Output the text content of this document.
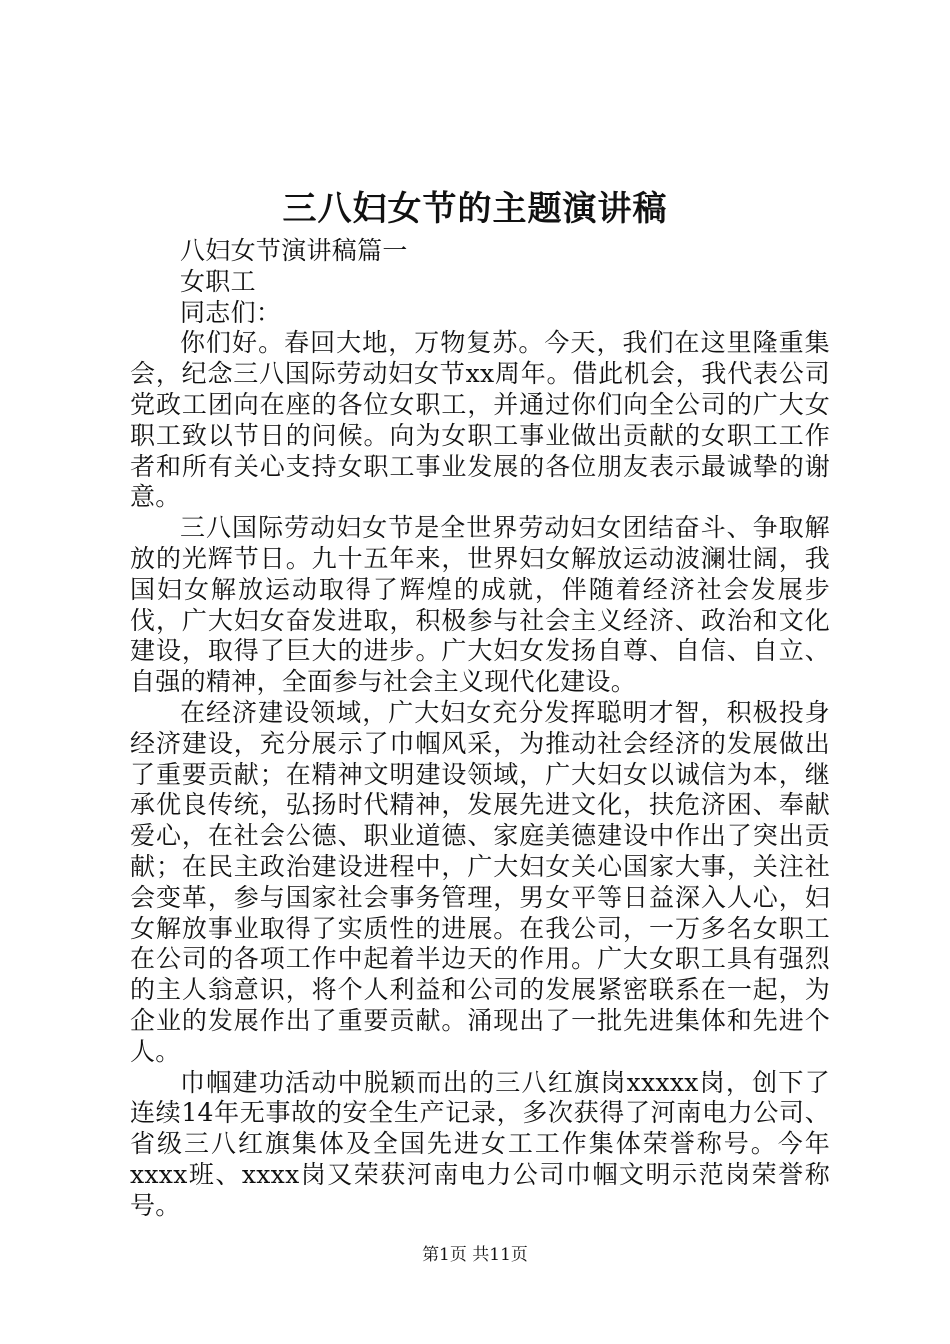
三八妇女节的主题演讲稿

八妇女节演讲稿篇一

女职工

同志们：

你们好。春回大地，万物复苏。今天，我们在这里隆重集会，纪念三八国际劳动妇女节xx周年。借此机会，我代表公司党政工团向在座的各位女职工，并通过你们向全公司的广大女职工致以节日的问候。向为女职工事业做出贡献的女职工工作者和所有关心支持女职工事业发展的各位朋友表示最诚挚的谢意。

三八国际劳动妇女节是全世界劳动妇女团结奋斗、争取解放的光辉节日。九十五年来，世界妇女解放运动波澜壮阔，我国妇女解放运动取得了辉煌的成就，伴随着经济社会发展步伐，广大妇女奋发进取，积极参与社会主义经济、政治和文化建设，取得了巨大的进步。广大妇女发扬自尊、自信、自立、自强的精神，全面参与社会主义现代化建设。

在经济建设领域，广大妇女充分发挥聪明才智，积极投身经济建设，充分展示了巾帼风采，为推动社会经济的发展做出了重要贡献；在精神文明建设领域，广大妇女以诚信为本，继承优良传统，弘扬时代精神，发展先进文化，扶危济困、奉献爱心，在社会公德、职业道德、家庭美德建设中作出了突出贡献；在民主政治建设进程中，广大妇女关心国家大事，关注社会变革，参与国家社会事务管理，男女平等日益深入人心，妇女解放事业取得了实质性的进展。在我公司，一万多名女职工在公司的各项工作中起着半边天的作用。广大女职工具有强烈的主人翁意识，将个人利益和公司的发展紧密联系在一起，为企业的发展作出了重要贡献。涌现出了一批先进集体和先进个人。

巾帼建功活动中脱颖而出的三八红旗岗xxxxx岗，创下了连续14年无事故的安全生产记录，多次获得了河南电力公司、省级三八红旗集体及全国先进女工工作集体荣誉称号。今年xxxx班、xxxx岗又荣获河南电力公司巾帼文明示范岗荣誉称号。

第1页 共11页
